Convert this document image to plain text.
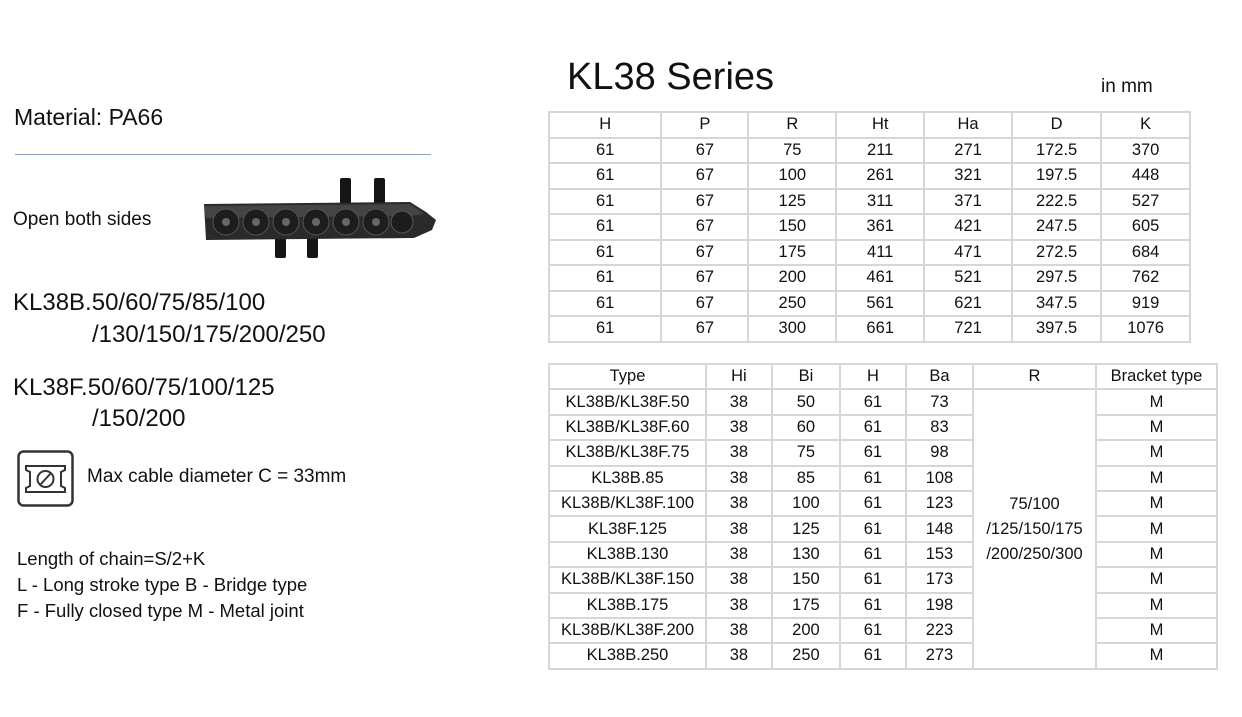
Material: PA66
Open both sides
KL38B.50/60/75/85/100
/130/150/175/200/250
KL38F.50/60/75/100/125
/150/200
Max cable diameter C = 33mm
Length of chain=S/2+K
L - Long stroke type B - Bridge type
F - Fully closed type M - Metal joint
KL38 Series	in mm
H	P	R	Ht	Ha	D	K
61	67	75	211	271	172.5	370
61	67	100	261	321	197.5	448
61	67	125	311	371	222.5	527
61	67	150	361	421	247.5	605
61	67	175	411	471	272.5	684
61	67	200	461	521	297.5	762
61	67	250	561	621	347.5	919
61	67	300	661	721	397.5	1076
Type	Hi	Bi	H	Ba	R	Bracket type
KL38B/KL38F.50	38	50	61	73	75/100
/125/150/175
/200/250/300	M
KL38B/KL38F.60	38	60	61	83		M
KL38B/KL38F.75	38	75	61	98		M
KL38B.85	38	85	61	108		M
KL38B/KL38F.100	38	100	61	123		M
KL38F.125	38	125	61	148		M
KL38B.130	38	130	61	153		M
KL38B/KL38F.150	38	150	61	173		M
KL38B.175	38	175	61	198		M
KL38B/KL38F.200	38	200	61	223		M
KL38B.250	38	250	61	273		M
